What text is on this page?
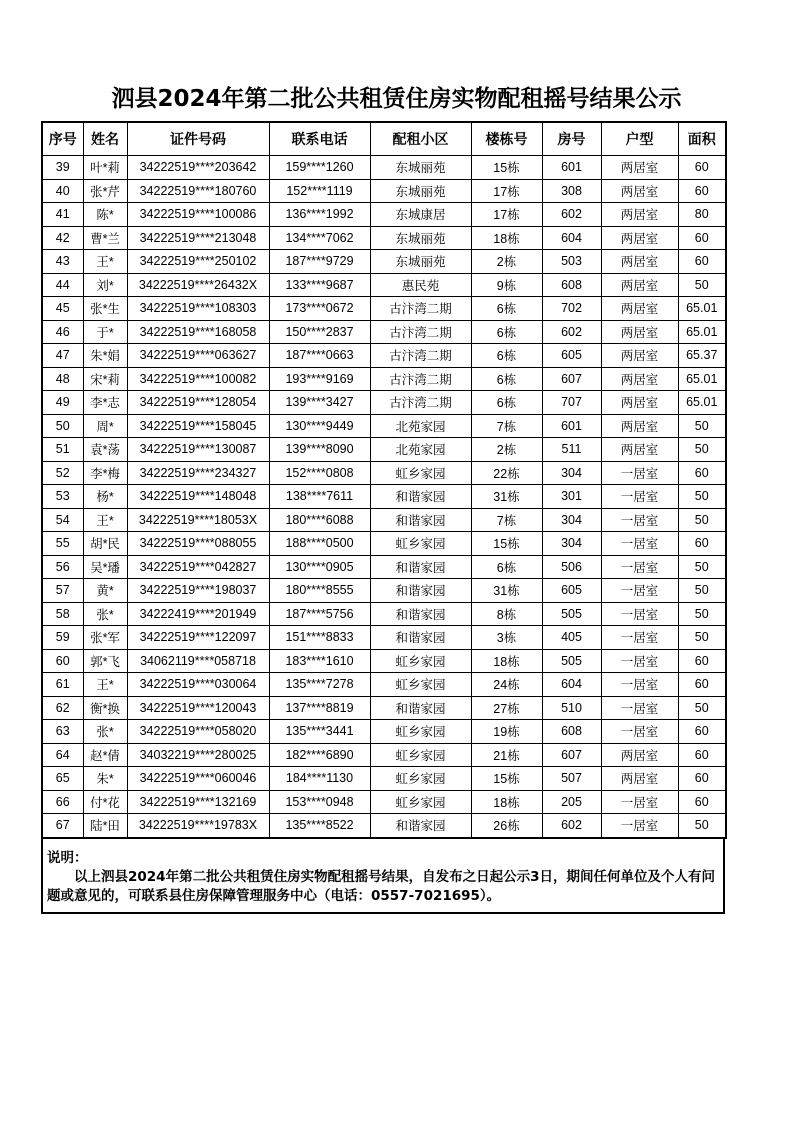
泗县2024年第二批公共租赁住房实物配租摇号结果公示
序号	姓名	证件号码	联系电话	配租小区	楼栋号	房号	户型	面积
39	叶*莉	34222519****203642	159****1260	东城丽苑	15栋	601	两居室	60
40	张*芹	34222519****180760	152****1119	东城丽苑	17栋	308	两居室	60
41	陈*	34222519****100086	136****1992	东城康居	17栋	602	两居室	80
42	曹*兰	34222519****213048	134****7062	东城丽苑	18栋	604	两居室	60
43	王*	34222519****250102	187****9729	东城丽苑	2栋	503	两居室	60
44	刘*	34222519****26432X	133****9687	惠民苑	9栋	608	两居室	50
45	张*生	34222519****108303	173****0672	古汴湾二期	6栋	702	两居室	65.01
46	于*	34222519****168058	150****2837	古汴湾二期	6栋	602	两居室	65.01
47	朱*娟	34222519****063627	187****0663	古汴湾二期	6栋	605	两居室	65.37
48	宋*莉	34222519****100082	193****9169	古汴湾二期	6栋	607	两居室	65.01
49	李*志	34222519****128054	139****3427	古汴湾二期	6栋	707	两居室	65.01
50	周*	34222519****158045	130****9449	北苑家园	7栋	601	两居室	50
51	袁*荡	34222519****130087	139****8090	北苑家园	2栋	511	两居室	50
52	李*梅	34222519****234327	152****0808	虹乡家园	22栋	304	一居室	60
53	杨*	34222519****148048	138****7611	和谐家园	31栋	301	一居室	50
54	王*	34222519****18053X	180****6088	和谐家园	7栋	304	一居室	50
55	胡*民	34222519****088055	188****0500	虹乡家园	15栋	304	一居室	60
56	吴*璠	34222519****042827	130****0905	和谐家园	6栋	506	一居室	50
57	黄*	34222519****198037	180****8555	和谐家园	31栋	605	一居室	50
58	张*	34222419****201949	187****5756	和谐家园	8栋	505	一居室	50
59	张*军	34222519****122097	151****8833	和谐家园	3栋	405	一居室	50
60	郭*飞	34062119****058718	183****1610	虹乡家园	18栋	505	一居室	60
61	王*	34222519****030064	135****7278	虹乡家园	24栋	604	一居室	60
62	衡*换	34222519****120043	137****8819	和谐家园	27栋	510	一居室	50
63	张*	34222519****058020	135****3441	虹乡家园	19栋	608	一居室	60
64	赵*倩	34032219****280025	182****6890	虹乡家园	21栋	607	两居室	60
65	朱*	34222519****060046	184****1130	虹乡家园	15栋	507	两居室	60
66	付*花	34222519****132169	153****0948	虹乡家园	18栋	205	一居室	60
67	陆*田	34222519****19783X	135****8522	和谐家园	26栋	602	一居室	50
说明：
以上泗县2024年第二批公共租赁住房实物配租摇号结果，自发布之日起公示3日，期间任何单位及个人有问题或意见的，可联系县住房保障管理服务中心（电话：0557-7021695）。
